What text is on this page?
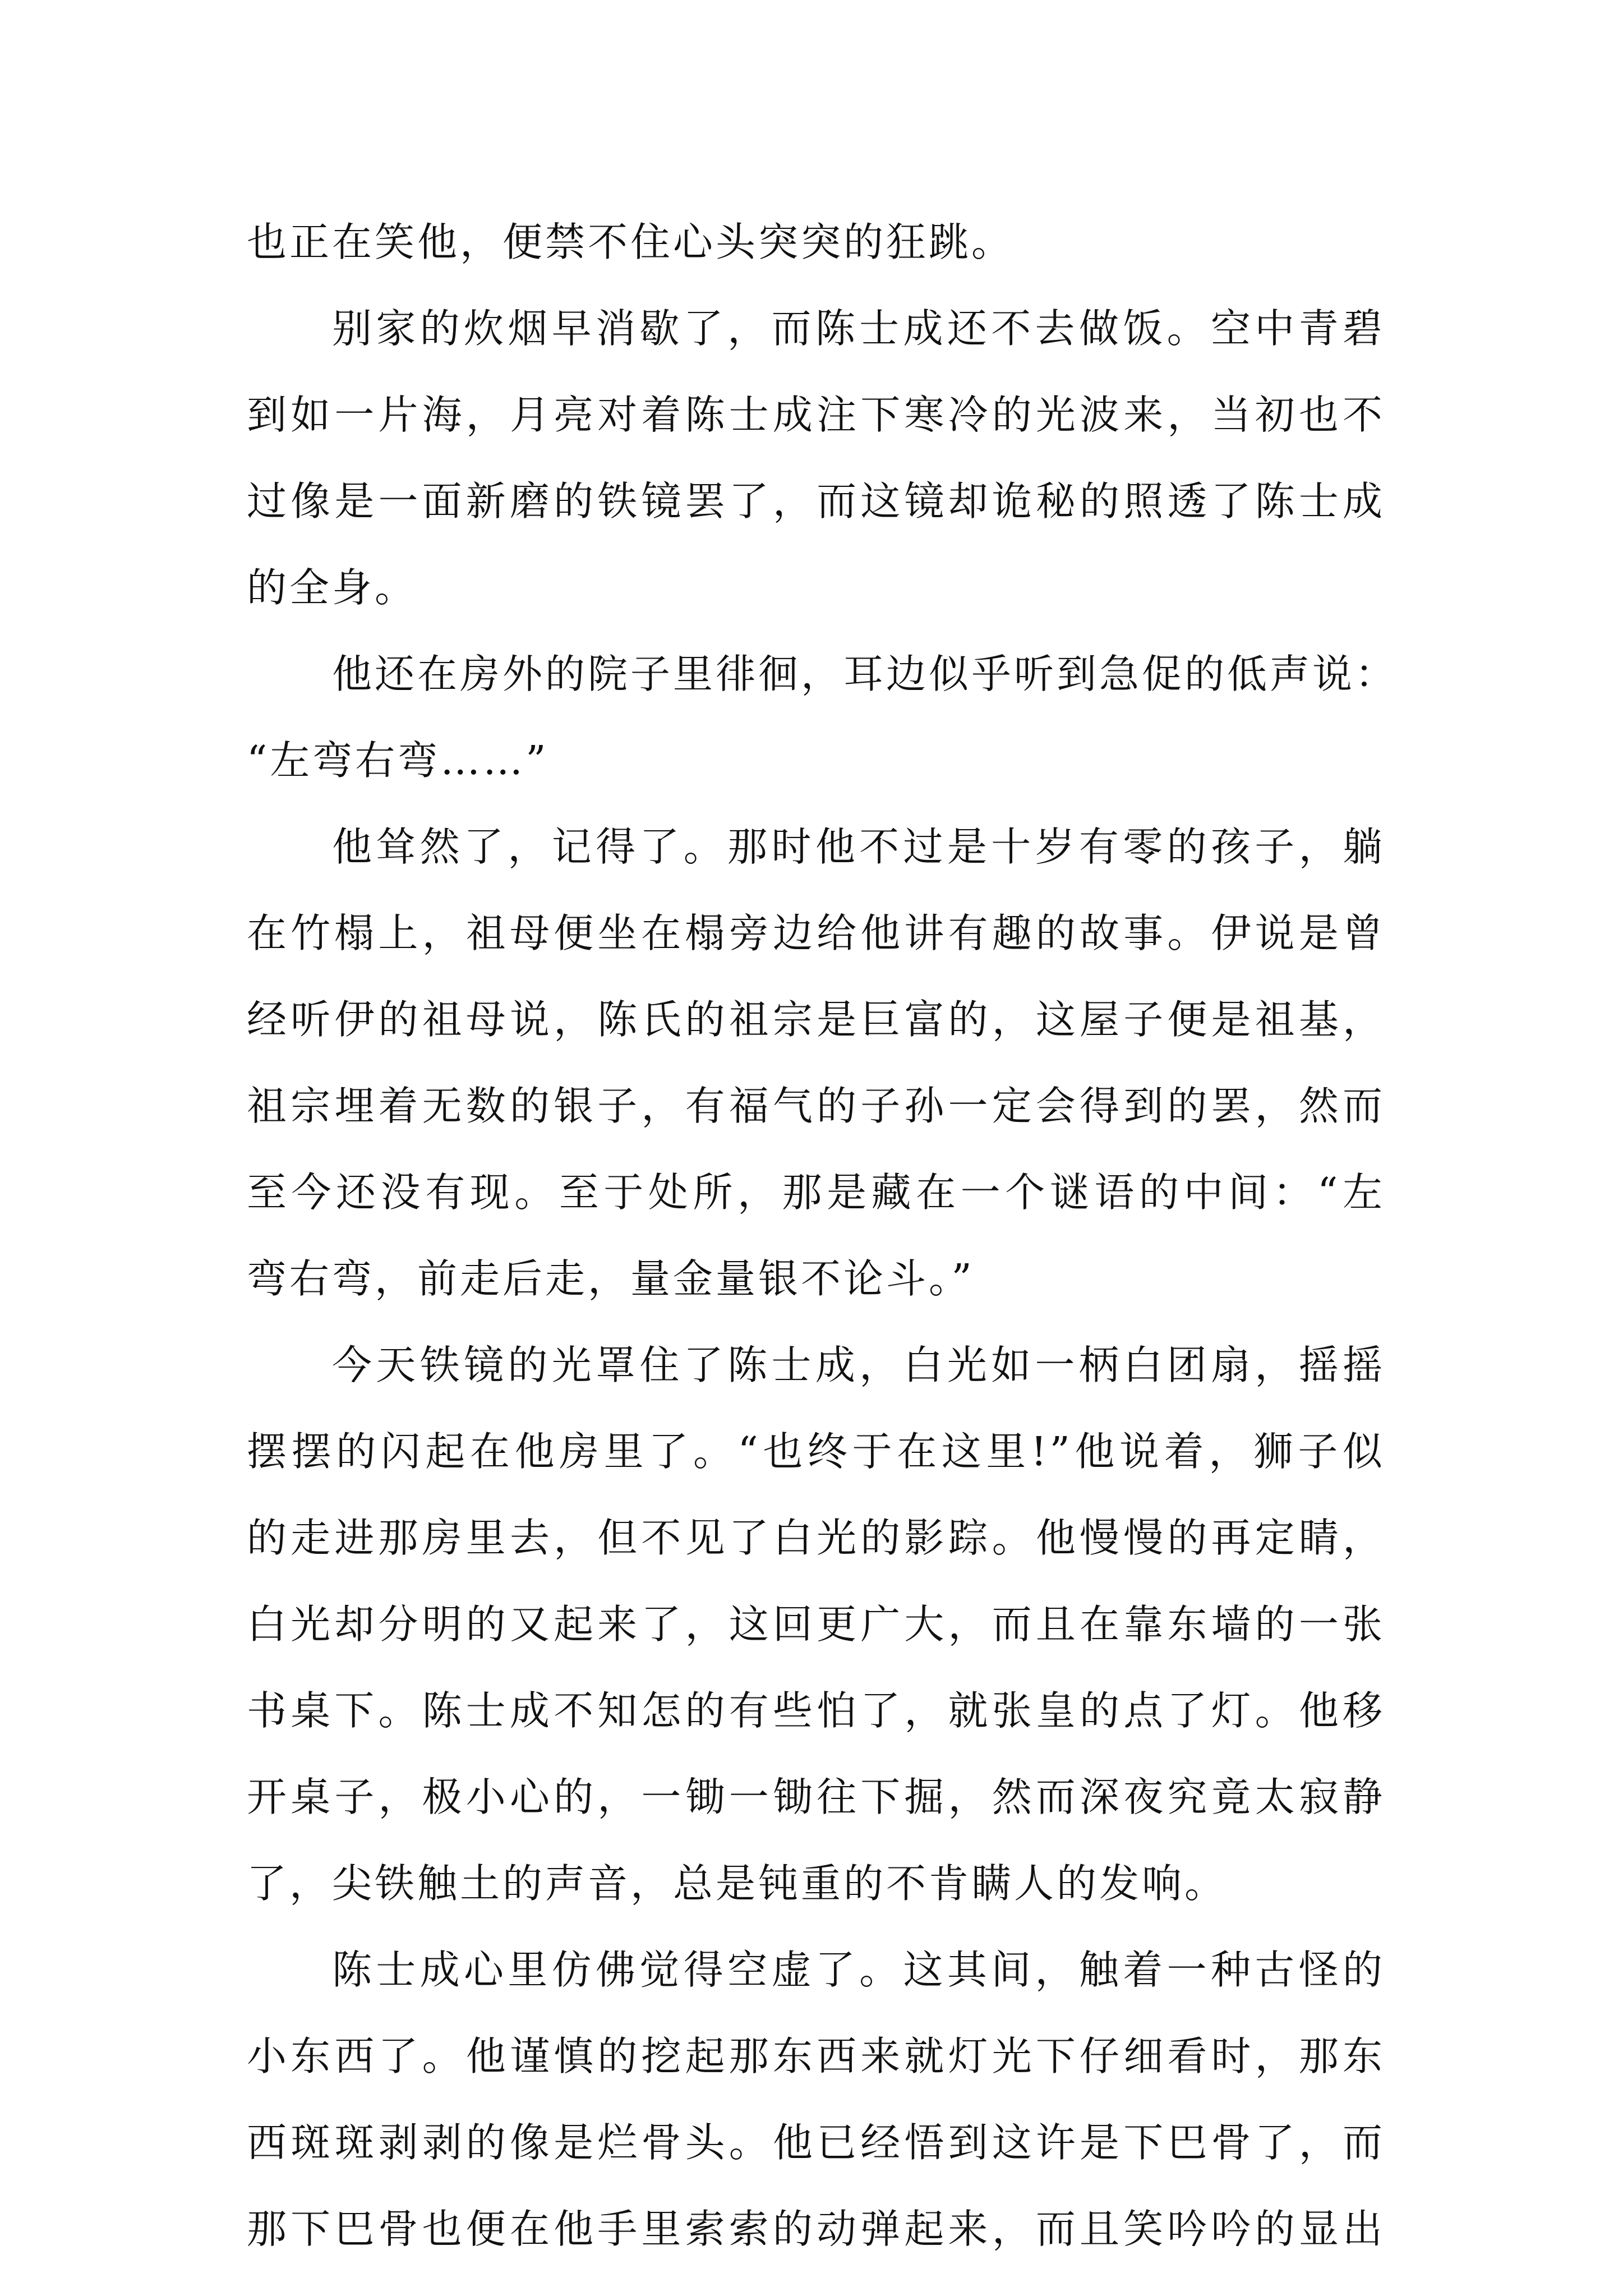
也正在笑他，便禁不住心头突突的狂跳。
别家的炊烟早消歇了，而陈士成还不去做饭。空中青碧
到如一片海，月亮对着陈士成注下寒冷的光波来，当初也不
过像是一面新磨的铁镜罢了，而这镜却诡秘的照透了陈士成
的全身。
他还在房外的院子里徘徊，耳边似乎听到急促的低声说：
“左弯右弯……”
他耸然了，记得了。那时他不过是十岁有零的孩子，躺
在竹榻上，祖母便坐在榻旁边给他讲有趣的故事。伊说是曾
经听伊的祖母说，陈氏的祖宗是巨富的，这屋子便是祖基，
祖宗埋着无数的银子，有福气的子孙一定会得到的罢，然而
至今还没有现。至于处所，那是藏在一个谜语的中间：“左
弯右弯，前走后走，量金量银不论斗。”
今天铁镜的光罩住了陈士成，白光如一柄白团扇，摇摇
摆摆的闪起在他房里了。“也终于在这里!”他说着，狮子似
的走进那房里去，但不见了白光的影踪。他慢慢的再定睛，
白光却分明的又起来了，这回更广大，而且在靠东墙的一张
书桌下。陈士成不知怎的有些怕了，就张皇的点了灯。他移
开桌子，极小心的，一锄一锄往下掘，然而深夜究竟太寂静
了，尖铁触土的声音，总是钝重的不肯瞒人的发响。
陈士成心里仿佛觉得空虚了。这其间，触着一种古怪的
小东西了。他谨慎的挖起那东西来就灯光下仔细看时，那东
西斑斑剥剥的像是烂骨头。他已经悟到这许是下巴骨了，而
那下巴骨也便在他手里索索的动弹起来，而且笑吟吟的显出
